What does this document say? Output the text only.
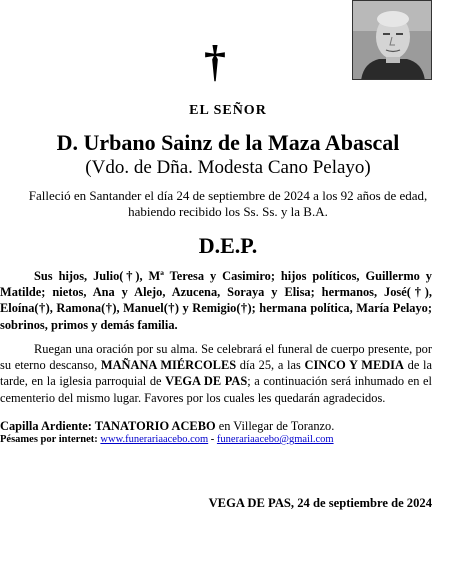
†
EL SEÑOR
D. Urbano Sainz de la Maza Abascal
(Vdo. de Dña. Modesta Cano Pelayo)
Falleció en Santander el día 24 de septiembre de 2024 a los 92 años de edad,
habiendo recibido los Ss. Ss. y la B.A.
D.E.P.
Sus hijos, Julio(†), Mª Teresa y Casimiro; hijos políticos, Guillermo y Matilde; nietos, Ana y Alejo, Azucena, Soraya y Elisa; hermanos, José(†), Eloína(†), Ramona(†), Manuel(†) y Remigio(†); hermana política, María Pelayo; sobrinos, primos y demás familia.
Ruegan una oración por su alma. Se celebrará el funeral de cuerpo presente, por su eterno descanso, MAÑANA MIÉRCOLES día 25, a las CINCO Y MEDIA de la tarde, en la iglesia parroquial de VEGA DE PAS; a continuación será inhumado en el cementerio del mismo lugar. Favores por los cuales les quedarán agradecidos.
Capilla Ardiente: TANATORIO ACEBO en Villegar de Toranzo.
Pésames por internet: www.funerariaacebo.com - funerariaacebo@gmail.com
VEGA DE PAS, 24 de septiembre de 2024
